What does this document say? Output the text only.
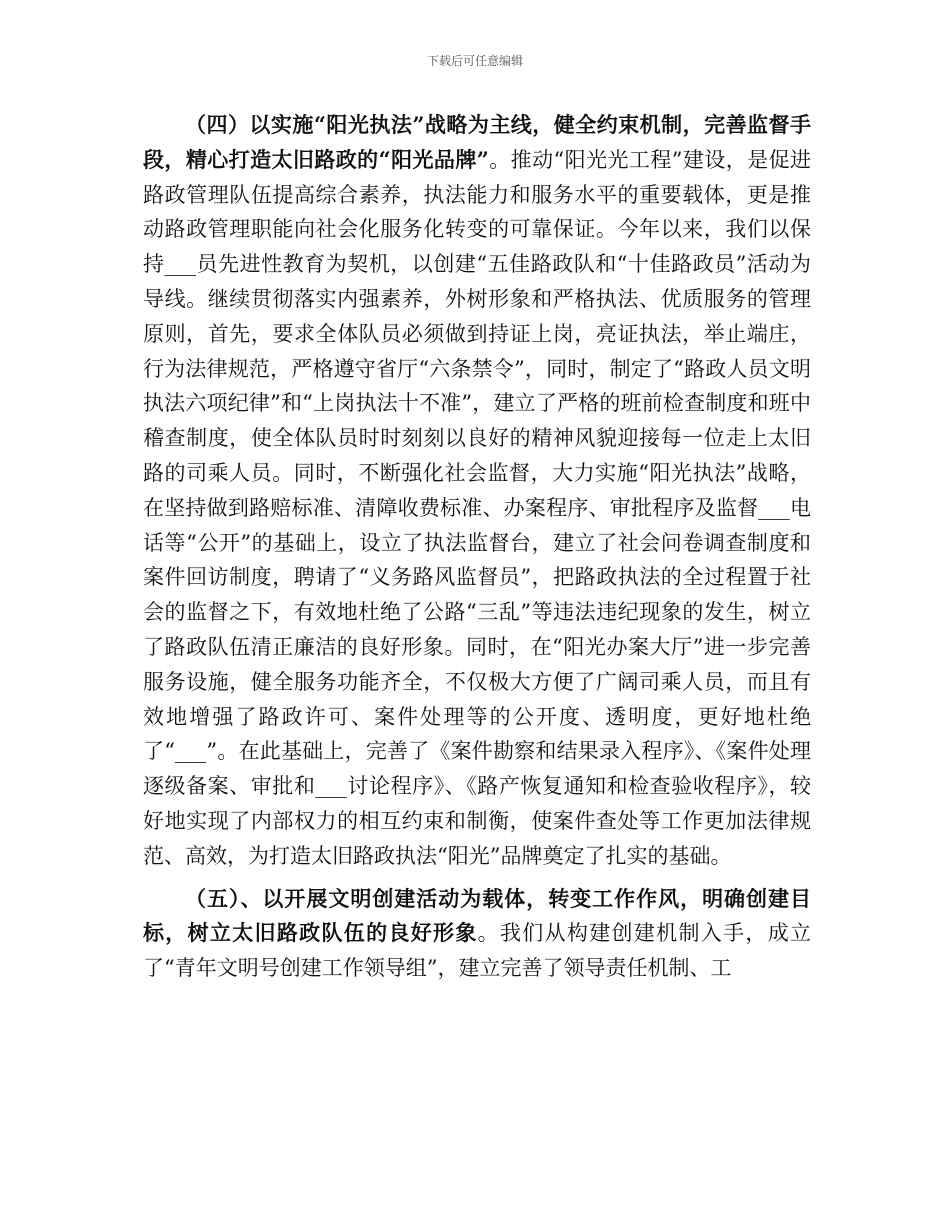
下载后可任意编辑

（四）以实施“阳光执法”战略为主线，健全约束机制，完善监督手段，精心打造太旧路政的“阳光品牌”。推动“阳光光工程”建设，是促进路政管理队伍提高综合素养，执法能力和服务水平的重要载体，更是推动路政管理职能向社会化服务化转变的可靠保证。今年以来，我们以保持___员先进性教育为契机，以创建“五佳路政队和“十佳路政员”活动为导线。继续贯彻落实内强素养，外树形象和严格执法、优质服务的管理原则，首先，要求全体队员必须做到持证上岗，亮证执法，举止端庄，行为法律规范，严格遵守省厅“六条禁令”，同时，制定了“路政人员文明执法六项纪律”和“上岗执法十不准”，建立了严格的班前检查制度和班中稽查制度，使全体队员时时刻刻以良好的精神风貌迎接每一位走上太旧路的司乘人员。同时，不断强化社会监督，大力实施“阳光执法”战略，在坚持做到路赔标准、清障收费标准、办案程序、审批程序及监督___电话等“公开”的基础上，设立了执法监督台，建立了社会问卷调查制度和案件回访制度，聘请了“义务路风监督员”，把路政执法的全过程置于社会的监督之下，有效地杜绝了公路“三乱”等违法违纪现象的发生，树立了路政队伍清正廉洁的良好形象。同时，在“阳光办案大厅”进一步完善服务设施，健全服务功能齐全，不仅极大方便了广阔司乘人员，而且有效地增强了路政许可、案件处理等的公开度、透明度，更好地杜绝了“___”。在此基础上，完善了《案件勘察和结果录入程序》、《案件处理逐级备案、审批和___讨论程序》、《路产恢复通知和检查验收程序》，较好地实现了内部权力的相互约束和制衡，使案件查处等工作更加法律规范、高效，为打造太旧路政执法“阳光”品牌奠定了扎实的基础。

（五）、以开展文明创建活动为载体，转变工作作风，明确创建目标，树立太旧路政队伍的良好形象。我们从构建创建机制入手，成立了“青年文明号创建工作领导组”，建立完善了领导责任机制、工
